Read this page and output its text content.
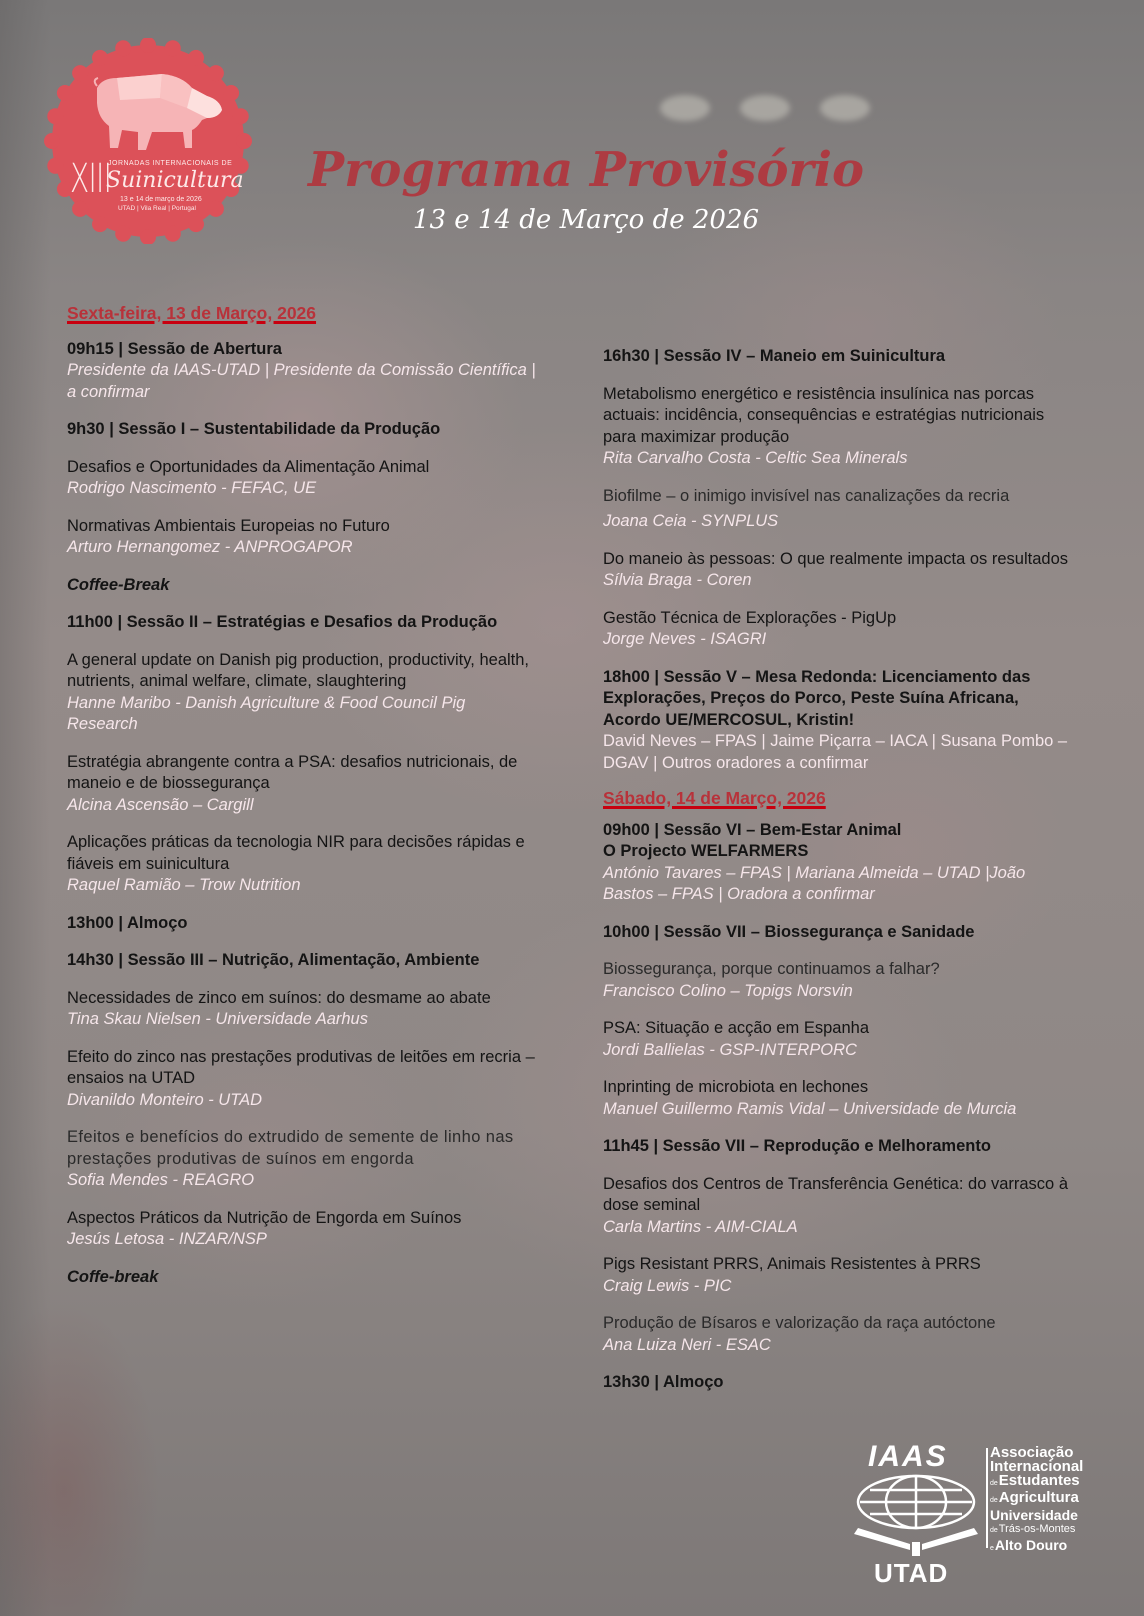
XIII
JORNADAS INTERNACIONAIS DE
Suinicultura
13 e 14 de março de 2026
UTAD | Vila Real | Portugal
Programa Provisório
13 e 14 de Março de 2026
Sexta-feira, 13 de Março, 2026
09h15 | Sessão de Abertura
Presidente da IAAS-UTAD | Presidente da Comissão Científica | a confirmar
9h30 | Sessão I – Sustentabilidade da Produção
Desafios e Oportunidades da Alimentação Animal
Rodrigo Nascimento - FEFAC, UE
Normativas Ambientais Europeias no Futuro
Arturo Hernangomez - ANPROGAPOR
Coffee-Break
11h00 | Sessão II – Estratégias e Desafios da Produção
A general update on Danish pig production, productivity, health, nutrients, animal welfare, climate, slaughtering
Hanne Maribo - Danish Agriculture & Food Council Pig Research
Estratégia abrangente contra a PSA: desafios nutricionais, de maneio e de biossegurança
Alcina Ascensão – Cargill
Aplicações práticas da tecnologia NIR para decisões rápidas e fiáveis em suinicultura
Raquel Ramião – Trow Nutrition
13h00 | Almoço
14h30 | Sessão III – Nutrição, Alimentação, Ambiente
Necessidades de zinco em suínos: do desmame ao abate
Tina Skau Nielsen - Universidade Aarhus
Efeito do zinco nas prestações produtivas de leitões em recria – ensaios na UTAD
Divanildo Monteiro - UTAD
Efeitos e benefícios do extrudido de semente de linho nas prestações produtivas de suínos em engorda
Sofia Mendes - REAGRO
Aspectos Práticos da Nutrição de Engorda em Suínos
Jesús Letosa - INZAR/NSP
Coffe-break
16h30 | Sessão IV – Maneio em Suinicultura
Metabolismo energético e resistência insulínica nas porcas actuais: incidência, consequências e estratégias nutricionais para maximizar produção
Rita Carvalho Costa - Celtic Sea Minerals
Biofilme – o inimigo invisível nas canalizações da recria
Joana Ceia - SYNPLUS
Do maneio às pessoas: O que realmente impacta os resultados
Sílvia Braga - Coren
Gestão Técnica de Explorações - PigUp
Jorge Neves - ISAGRI
18h00 | Sessão V – Mesa Redonda: Licenciamento das Explorações, Preços do Porco, Peste Suína Africana, Acordo UE/MERCOSUL, Kristin!
David Neves – FPAS | Jaime Piçarra – IACA | Susana Pombo – DGAV | Outros oradores a confirmar
Sábado, 14 de Março, 2026
09h00 | Sessão VI – Bem-Estar Animal
O Projecto WELFARMERS
António Tavares – FPAS | Mariana Almeida – UTAD |João Bastos – FPAS | Oradora a confirmar
10h00 | Sessão VII – Biossegurança e Sanidade
Biossegurança, porque continuamos a falhar?
Francisco Colino – Topigs Norsvin
PSA: Situação e acção em Espanha
Jordi Ballielas - GSP-INTERPORC
Inprinting de microbiota en lechones
Manuel Guillermo Ramis Vidal – Universidade de Murcia
11h45 | Sessão VII – Reprodução e Melhoramento
Desafios dos Centros de Transferência Genética: do varrasco à dose seminal
Carla Martins - AIM-CIALA
Pigs Resistant PRRS, Animais Resistentes à PRRS
Craig Lewis - PIC
Produção de Bísaros e valorização da raça autóctone
Ana Luiza Neri - ESAC
13h30 | Almoço
IAAS
UTAD
Associação
Internacional
deEstudantes
deAgricultura
Universidade
deTrás-os-Montes
eAlto Douro
